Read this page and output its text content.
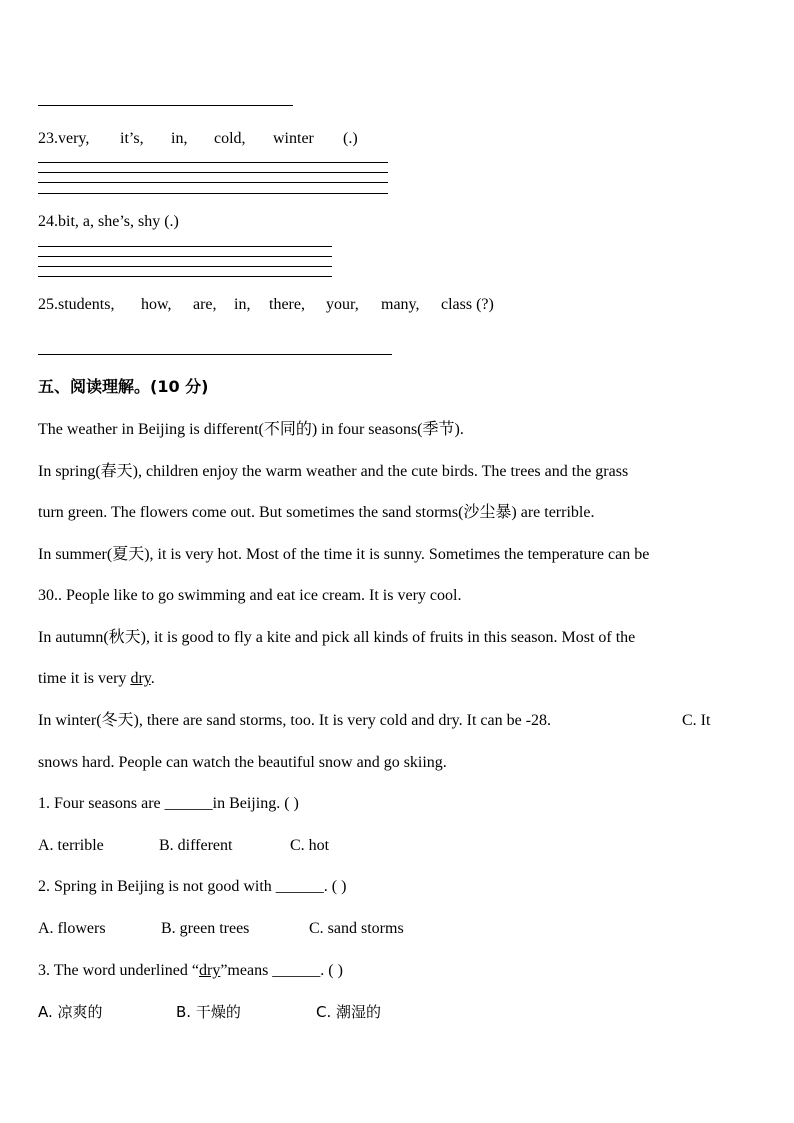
23.very, it’s, in, cold, winter (.)
24.bit, a, she’s, shy (.)
25.students, how, are, in, there, your, many, class (?)
五、阅读理解。(10 分)
The weather in Beijing is different(不同的) in four seasons(季节).
In spring(春天), children enjoy the warm weather and the cute birds. The trees and the grass
turn green. The flowers come out. But sometimes the sand storms(沙尘暴) are terrible.
In summer(夏天), it is very hot. Most of the time it is sunny. Sometimes the temperature can be
30.. People like to go swimming and eat ice cream. It is very cool.
In autumn(秋天), it is good to fly a kite and pick all kinds of fruits in this season. Most of the
time it is very dry.
In winter(冬天), there are sand storms, too. It is very cold and dry. It can be -28.	C. It
snows hard. People can watch the beautiful snow and go skiing.
1. Four seasons are ______in Beijing. ( )
A. terrible	B. different	C. hot
2. Spring in Beijing is not good with ______. ( )
A. flowers	B. green trees	C. sand storms
3. The word underlined “dry”means ______. ( )
A. 凉爽的	B. 干燥的	C. 潮湿的
